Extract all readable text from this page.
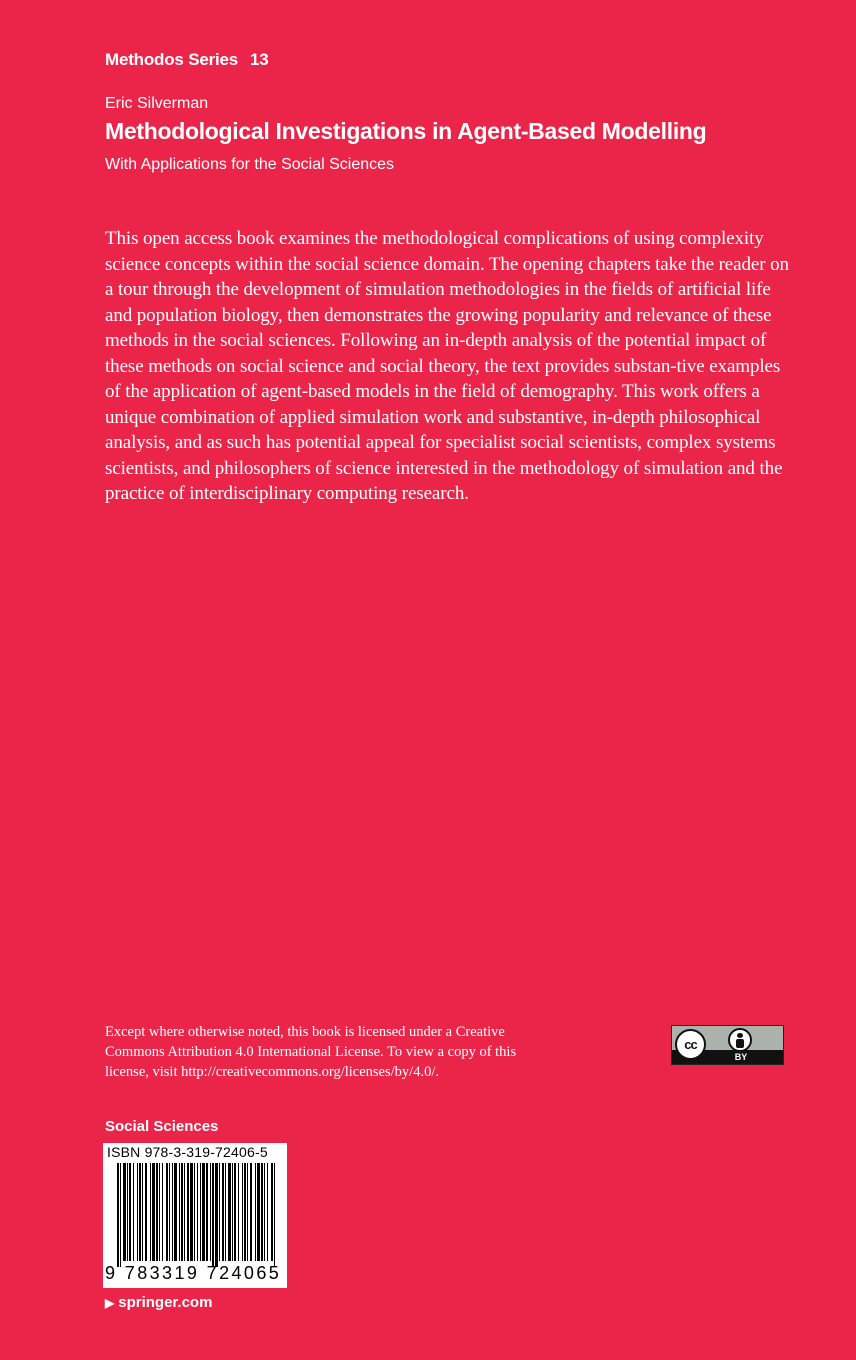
Methodos Series 13
Eric Silverman
Methodological Investigations in Agent-Based Modelling
With Applications for the Social Sciences

This open access book examines the methodological complications of using complexity science concepts within the social science domain. The opening chapters take the reader on a tour through the development of simulation methodologies in the fields of artificial life and population biology, then demonstrates the growing popularity and relevance of these methods in the social sciences. Following an in-depth analysis of the potential impact of these methods on social science and social theory, the text provides substan-tive examples of the application of agent-based models in the field of demography. This work offers a unique combination of applied simulation work and substantive, in-depth philosophical analysis, and as such has potential appeal for specialist social scientists, complex systems scientists, and philosophers of science interested in the methodology of simulation and the practice of interdisciplinary computing research.

Except where otherwise noted, this book is licensed under a Creative Commons Attribution 4.0 International License. To view a copy of this license, visit http://creativecommons.org/licenses/by/4.0/.

cc
BY
Social Sciences
ISBN 978-3-319-72406-5
9 783319 724065
▶ springer.com
